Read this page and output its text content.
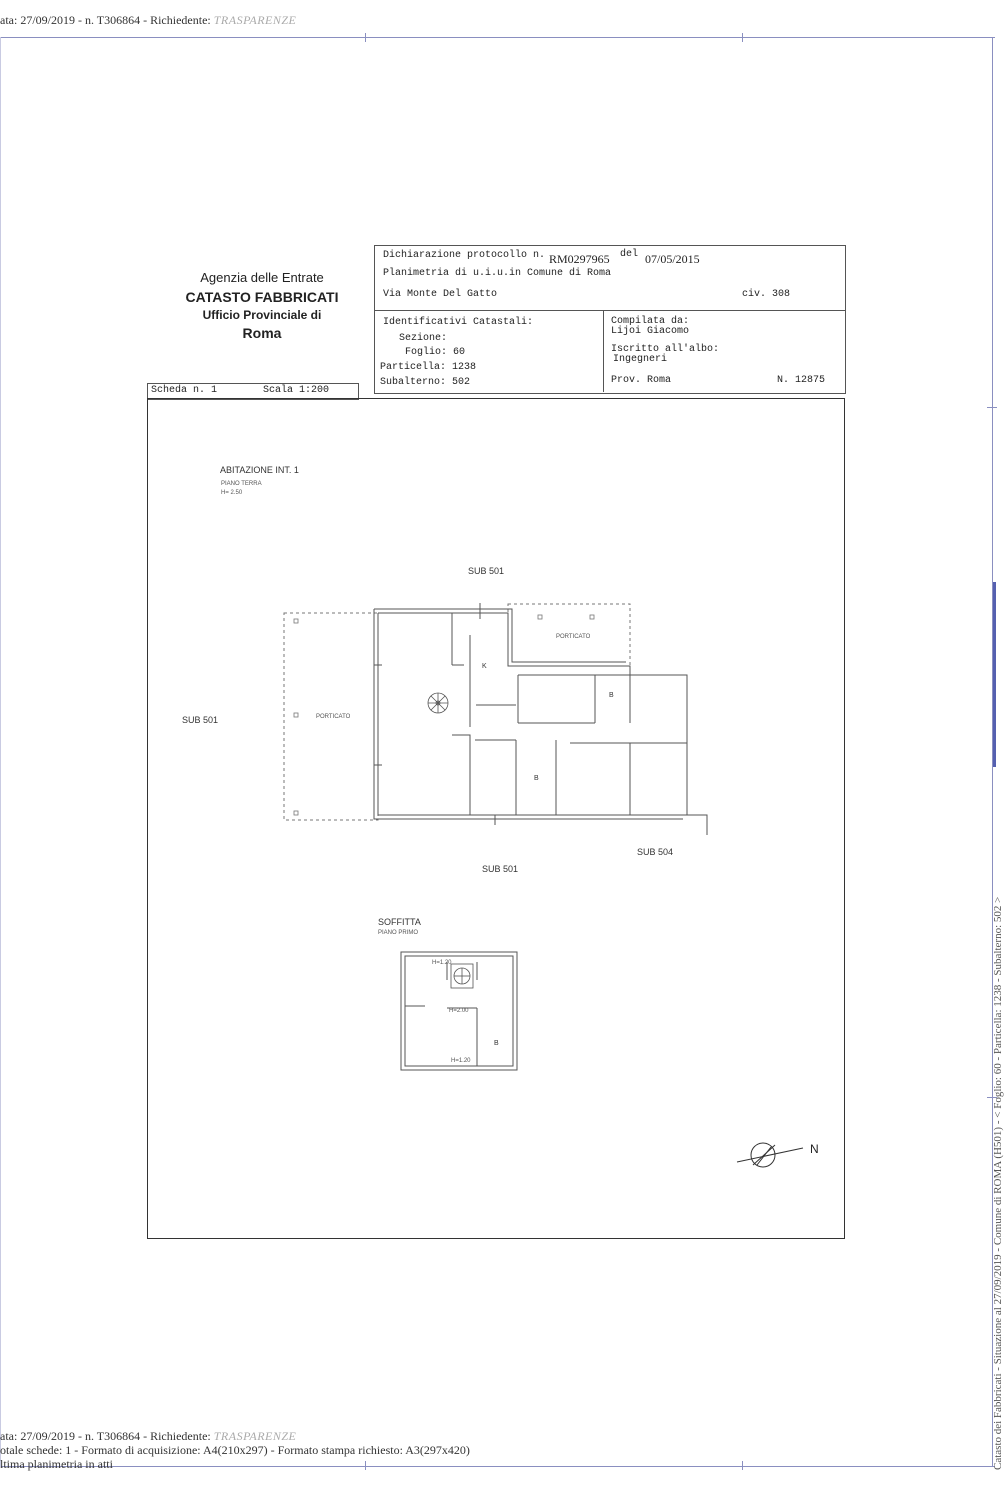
ata: 27/09/2019 - n. T306864 - Richiedente: TRASPARENZE
Catasto dei Fabbricati - Situazione al 27/09/2019 - Comune di ROMA (H501) - < Foglio: 60 - Particella: 1238 - Subalterno: 502 >
Agenzia delle Entrate
CATASTO FABBRICATI
Ufficio Provinciale di
Roma
Dichiarazione protocollo n. RM0297965 del 07/05/2015
Planimetria di u.i.u.in Comune di Roma
Via Monte Del Gatto	civ. 308
Identificativi Catastali:
Sezione:
Foglio: 60
Particella: 1238
Subalterno: 502
Compilata da:
Lijoi Giacomo
Iscritto all'albo:
Ingegneri
Prov. Roma	N. 12875
Scheda n. 1	Scala 1:200
ABITAZIONE INT. 1
PIANO TERRA
H= 2.50
SUB 501
SUB 501
SUB 501
SUB 504
PORTICATO
PORTICATO
K
B
B
SOFFITTA
PIANO PRIMO
H=1.20
H=2.00
H=1.20
B
N
ata: 27/09/2019 - n. T306864 - Richiedente: TRASPARENZE
otale schede: 1 - Formato di acquisizione: A4(210x297) - Formato stampa richiesto: A3(297x420)
ltima planimetria in atti
